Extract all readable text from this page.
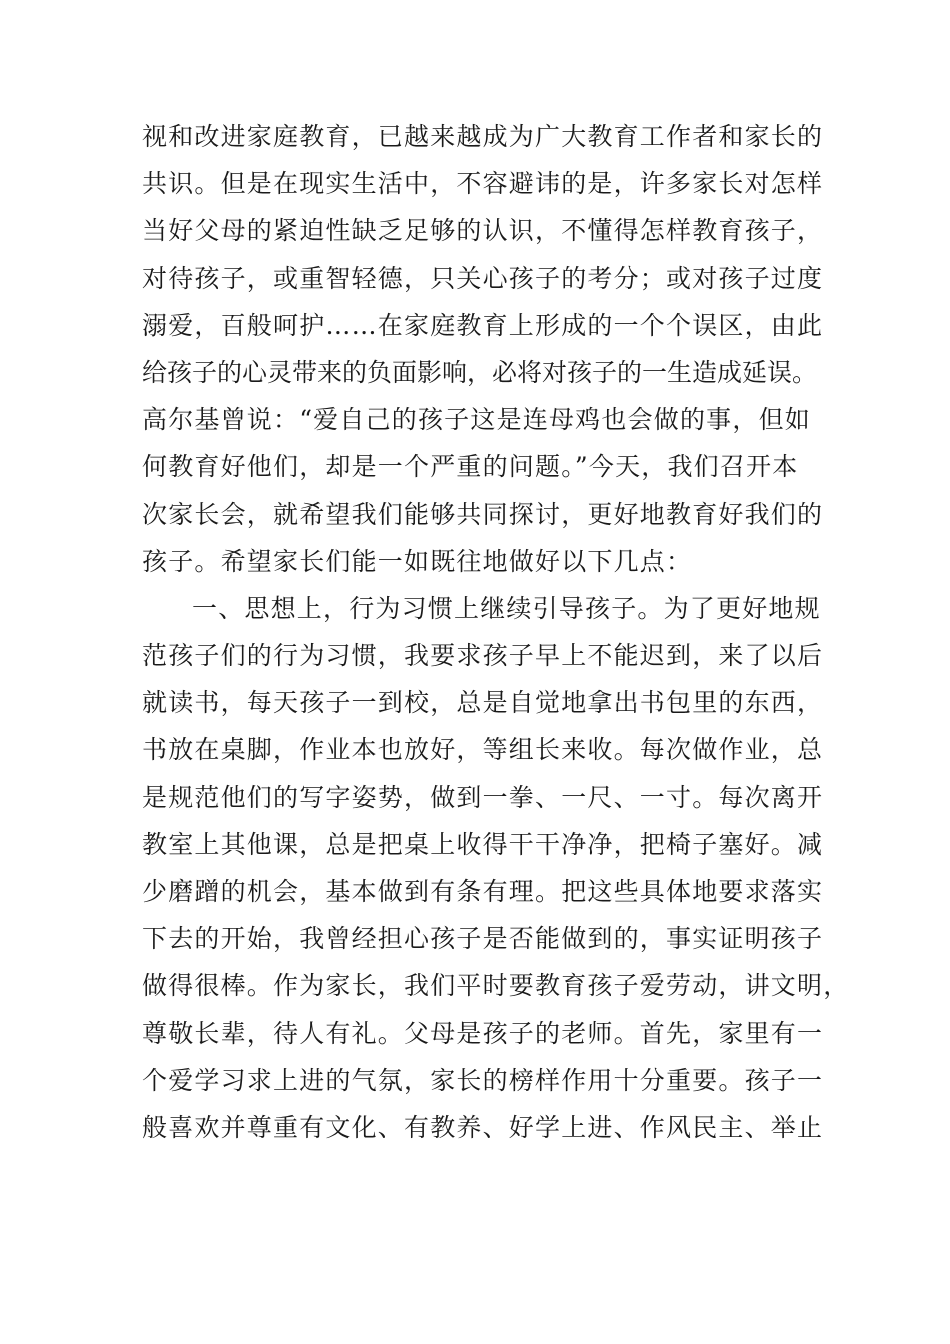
视和改进家庭教育，已越来越成为广大教育工作者和家长的
共识。但是在现实生活中，不容避讳的是，许多家长对怎样
当好父母的紧迫性缺乏足够的认识，不懂得怎样教育孩子，
对待孩子，或重智轻德，只关心孩子的考分；或对孩子过度
溺爱，百般呵护……在家庭教育上形成的一个个误区，由此
给孩子的心灵带来的负面影响，必将对孩子的一生造成延误。
高尔基曾说：“爱自己的孩子这是连母鸡也会做的事，但如
何教育好他们，却是一个严重的问题。”今天，我们召开本
次家长会，就希望我们能够共同探讨，更好地教育好我们的
孩子。希望家长们能一如既往地做好以下几点：
一、思想上，行为习惯上继续引导孩子。为了更好地规
范孩子们的行为习惯，我要求孩子早上不能迟到，来了以后
就读书，每天孩子一到校，总是自觉地拿出书包里的东西，
书放在桌脚，作业本也放好，等组长来收。每次做作业，总
是规范他们的写字姿势，做到一拳、一尺、一寸。每次离开
教室上其他课，总是把桌上收得干干净净，把椅子塞好。减
少磨蹭的机会，基本做到有条有理。把这些具体地要求落实
下去的开始，我曾经担心孩子是否能做到的，事实证明孩子
做得很棒。作为家长，我们平时要教育孩子爱劳动，讲文明，
尊敬长辈，待人有礼。父母是孩子的老师。首先，家里有一
个爱学习求上进的气氛，家长的榜样作用十分重要。孩子一
般喜欢并尊重有文化、有教养、好学上进、作风民主、举止
